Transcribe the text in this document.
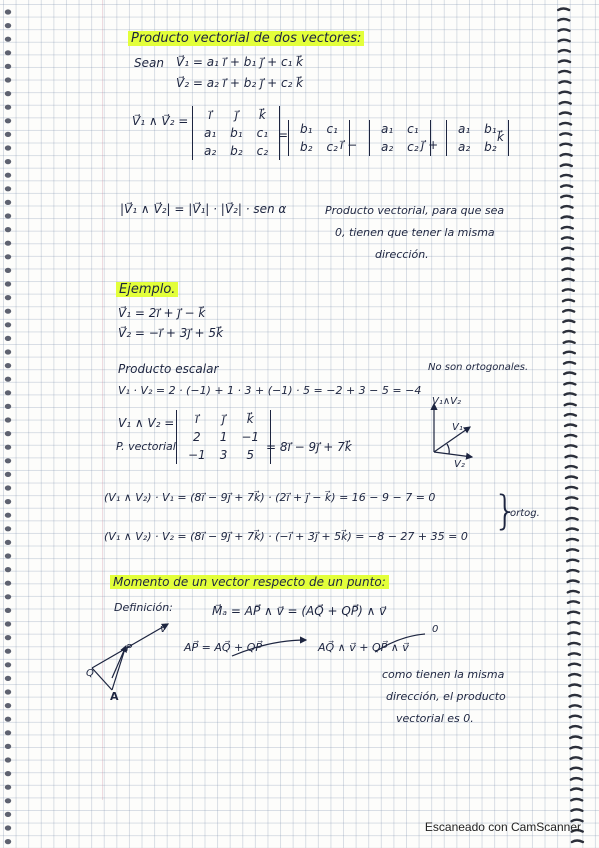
Producto vectorial de dos vectores:
Sean V⃗₁ = a₁ i⃗ + b₁ j⃗ + c₁ k⃗
V⃗₂ = a₂ i⃗ + b₂ j⃗ + c₂ k⃗
V⃗₁ ∧ V⃗₂ = i⃗	j⃗	k⃗
a₁	b₁	c₁
a₂	b₂	c₂
= b₁	c₁
b₂	c₂ i⃗ −
a₁	c₁
a₂	c₂ j⃗ +
a₁	b₁
a₂	b₂
k⃗
|V⃗₁ ∧ V⃗₂| = |V⃗₁| · |V⃗₂| · sen α	Producto vectorial, para que sea
0, tienen que tener la misma
dirección.
Ejemplo.
V⃗₁ = 2i⃗ + j⃗ − k⃗
V⃗₂ = −i⃗ + 3j⃗ + 5k⃗
Producto escalar
V₁ · V₂ = 2 · (−1) + 1 · 3 + (−1) · 5 = −2 + 3 − 5 = −4
No son ortogonales.
V₁ ∧ V₂ =
P. vectorial
i⃗	j⃗	k⃗
2	1	−1
−1	3	5
= 8i⃗ − 9j⃗ + 7k⃗
V₁∧V₂
V₁
V₂
(V₁ ∧ V₂) · V₁ = (8i⃗ − 9j⃗ + 7k⃗) · (2i⃗ + j⃗ − k⃗) = 16 − 9 − 7 = 0
(V₁ ∧ V₂) · V₂ = (8i⃗ − 9j⃗ + 7k⃗) · (−i⃗ + 3j⃗ + 5k⃗) = −8 − 27 + 35 = 0
}
ortog.
Momento de un vector respecto de un punto:
Definición:	M⃗ₐ = AP⃗ ∧ v⃗ = (AQ⃗ + QP⃗) ∧ v⃗
AP⃗ = AQ⃗ + QP⃗	AQ⃗ ∧ v⃗ + QP⃗ ∧ v⃗
0
como tienen la misma
dirección, el producto
vectorial es 0.
v⃗
P
Q
A
Escaneado con CamScanner
